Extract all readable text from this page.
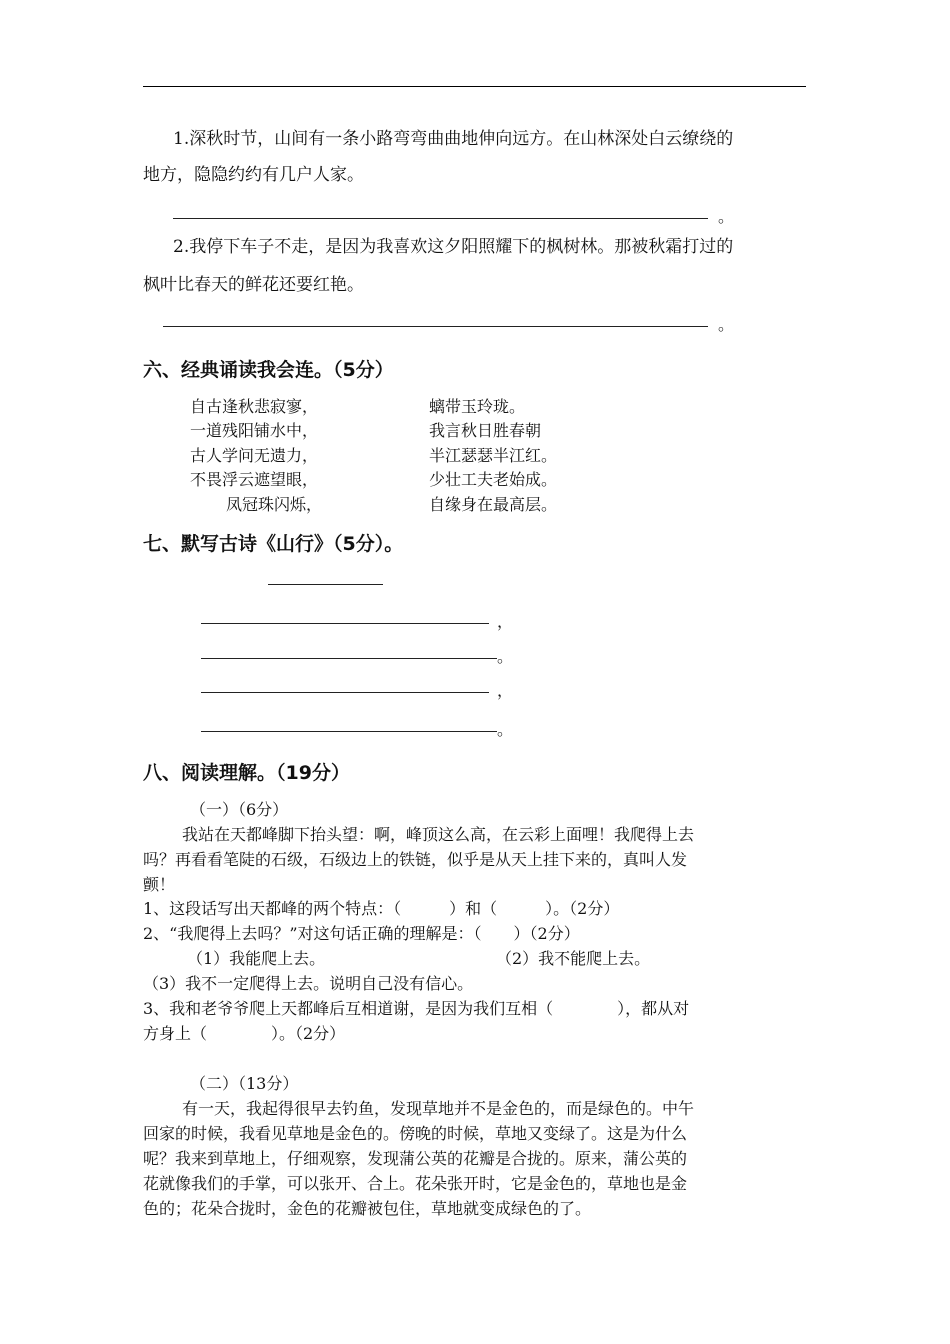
1.深秋时节，山间有一条小路弯弯曲曲地伸向远方。在山林深处白云缭绕的
地方，隐隐约约有几户人家。
。
2.我停下车子不走，是因为我喜欢这夕阳照耀下的枫树林。那被秋霜打过的
枫叶比春天的鲜花还要红艳。
。
六、经典诵读我会连。（5分）
自古逢秋悲寂寥，
一道残阳铺水中，
古人学问无遗力，
不畏浮云遮望眼，
凤冠珠闪烁，
螭带玉玲珑。
我言秋日胜春朝
半江瑟瑟半江红。
少壮工夫老始成。
自缘身在最高层。
七、默写古诗《山行》（5分）。
，
。
，
。
八、阅读理解。（19分）
（一）（6分）
我站在天都峰脚下抬头望：啊，峰顶这么高，在云彩上面哩！我爬得上去
吗？再看看笔陡的石级，石级边上的铁链，似乎是从天上挂下来的，真叫人发
颤！
1、这段话写出天都峰的两个特点：（　　　）和（　　　）。（2分）
2、“我爬得上去吗？”对这句话正确的理解是：（　　）（2分）
（1）我能爬上去。	（2）我不能爬上去。
（3）我不一定爬得上去。说明自己没有信心。
3、我和老爷爷爬上天都峰后互相道谢，是因为我们互相（　　　　），都从对
方身上（　　　　）。（2分）
（二）（13分）
有一天，我起得很早去钓鱼，发现草地并不是金色的，而是绿色的。中午
回家的时候，我看见草地是金色的。傍晚的时候，草地又变绿了。这是为什么
呢？我来到草地上，仔细观察，发现蒲公英的花瓣是合拢的。原来，蒲公英的
花就像我们的手掌，可以张开、合上。花朵张开时，它是金色的，草地也是金
色的；花朵合拢时，金色的花瓣被包住，草地就变成绿色的了。
